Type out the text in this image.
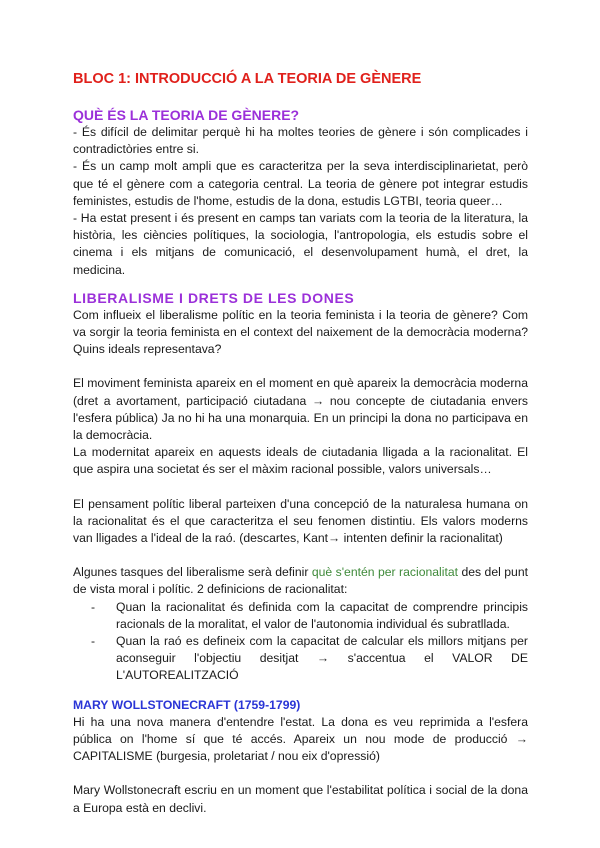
BLOC 1: INTRODUCCIÓ A LA TEORIA DE GÈNERE
QUÈ ÉS LA TEORIA DE GÈNERE?

- És difícil de delimitar perquè hi ha moltes teories de gènere i són complicades i contradictòries entre si.

- És un camp molt ampli que es caracteritza per la seva interdisciplinarietat, però que té el gènere com a categoria central. La teoria de gènere pot integrar estudis feministes, estudis de l'home, estudis de la dona, estudis LGTBI, teoria queer…

- Ha estat present i és present en camps tan variats com la teoria de la literatura, la història, les ciències polítiques, la sociologia, l'antropologia, els estudis sobre el cinema i els mitjans de comunicació, el desenvolupament humà, el dret, la medicina.

LIBERALISME I DRETS DE LES DONES

Com influeix el liberalisme polític en la teoria feminista i la teoria de gènere? Com va sorgir la teoria feminista en el context del naixement de la democràcia moderna? Quins ideals representava?

El moviment feminista apareix en el moment en què apareix la democràcia moderna (dret a avortament, participació ciutadana → nou concepte de ciutadania envers l'esfera pública) Ja no hi ha una monarquia. En un principi la dona no participava en la democràcia.

La modernitat apareix en aquests ideals de ciutadania lligada a la racionalitat. El que aspira una societat és ser el màxim racional possible, valors universals…

El pensament polític liberal parteixen d'una concepció de la naturalesa humana on la racionalitat és el que caracteritza el seu fenomen distintiu. Els valors moderns van lligades a l'ideal de la raó. (descartes, Kant→ intenten definir la racionalitat)

Algunes tasques del liberalisme serà definir què s'entén per racionalitat des del punt de vista moral i polític. 2 definicions de racionalitat:

- Quan la racionalitat és definida com la capacitat de comprendre principis racionals de la moralitat, el valor de l'autonomia individual és subratllada.
- Quan la raó es defineix com la capacitat de calcular els millors mitjans per aconseguir l'objectiu desitjat → s'accentua el VALOR DE L'AUTOREALITZACIÓ
MARY WOLLSTONECRAFT (1759-1799)

Hi ha una nova manera d'entendre l'estat. La dona es veu reprimida a l'esfera pública on l'home sí que té accés. Apareix un nou mode de producció → CAPITALISME (burgesia, proletariat / nou eix d'opressió)

Mary Wollstonecraft escriu en un moment que l'estabilitat política i social de la dona a Europa està en declivi.
